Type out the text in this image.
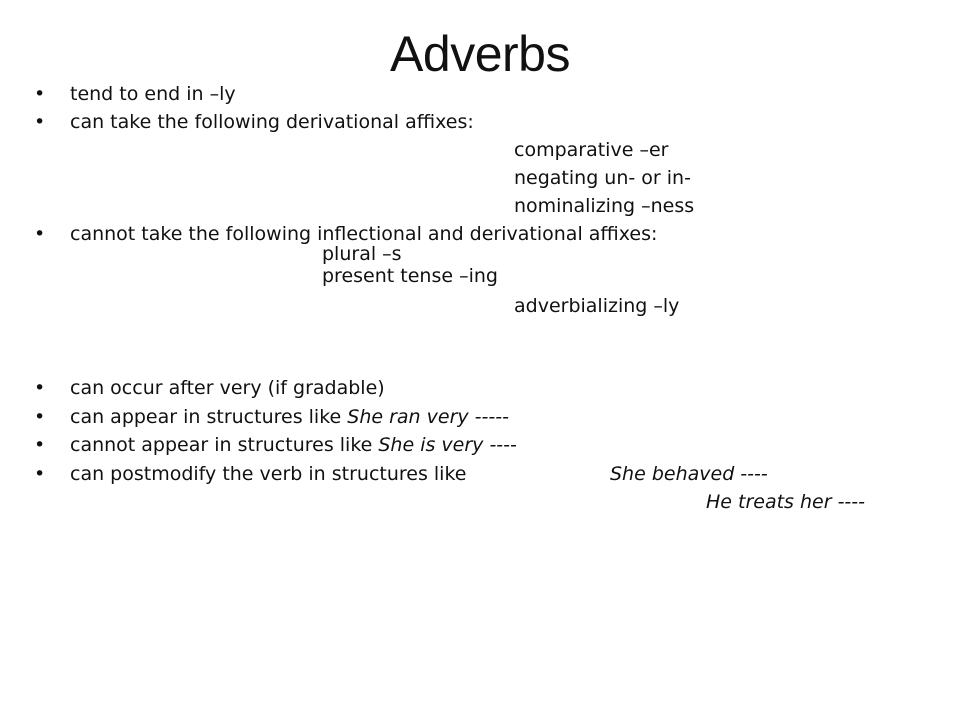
Adverbs
• tend to end in –ly
• can take the following derivational affixes:
comparative –er
negating un- or in-
nominalizing –ness
• cannot take the following inflectional and derivational affixes:
plural –s
present tense –ing
adverbializing –ly
• can occur after very (if gradable)
• can appear in structures like She ran very -----
• cannot appear in structures like She is very ----
• can postmodify the verb in structures like	She behaved ----
He treats her ----
